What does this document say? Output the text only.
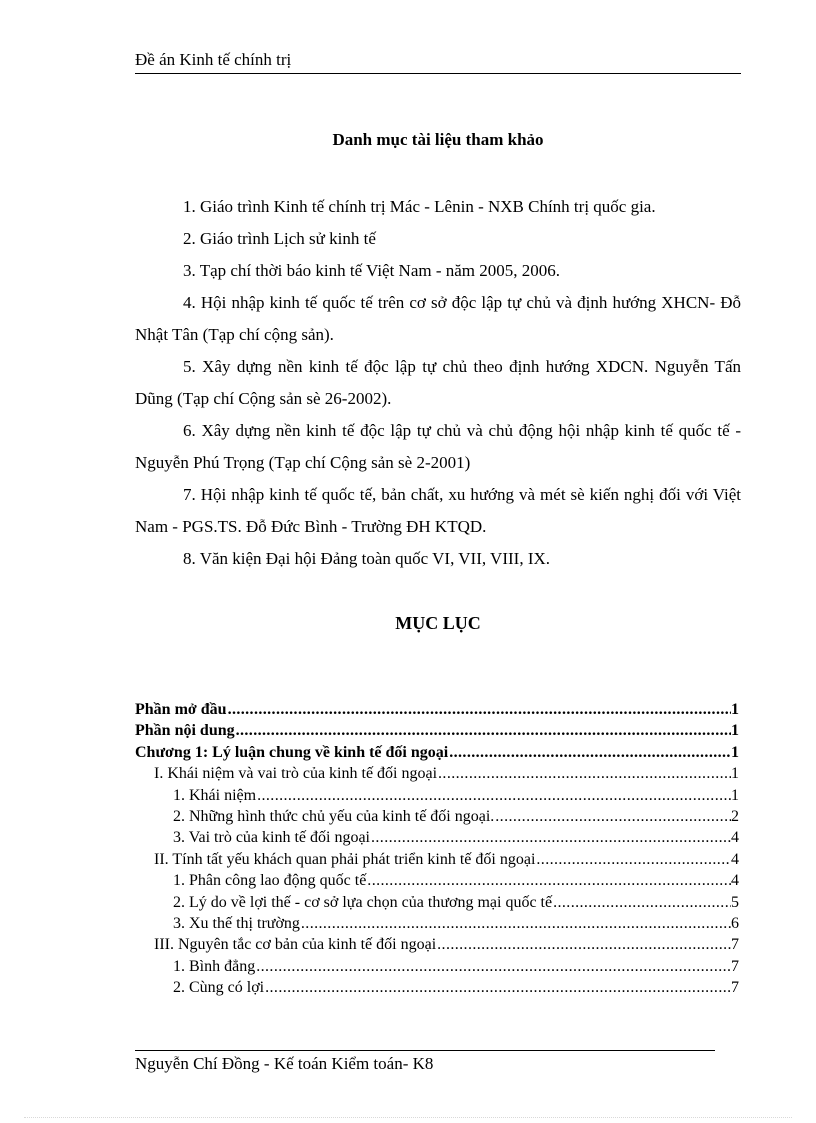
Đề án Kinh tế chính trị
Danh mục tài liệu tham khảo

1. Giáo trình Kinh tế chính trị Mác - Lênin - NXB Chính trị quốc gia.

2. Giáo trình Lịch sử kinh tế

3. Tạp chí thời báo kinh tế Việt Nam - năm 2005, 2006.

4. Hội nhập kinh tế quốc tế trên cơ sở độc lập tự chủ và định hướng XHCN- Đỗ Nhật Tân (Tạp chí cộng sản).

5. Xây dựng nền kinh tế độc lập tự chủ theo định hướng XDCN. Nguyễn Tấn Dũng (Tạp chí Cộng sản sè 26-2002).

6. Xây dựng nền kinh tế độc lập tự chủ và chủ động hội nhập kinh tế quốc tế - Nguyễn Phú Trọng (Tạp chí Cộng sản sè 2-2001)

7. Hội nhập kinh tế quốc tế, bản chất, xu hướng và mét sè kiến nghị đối với Việt Nam - PGS.TS. Đỗ Đức Bình - Trường ĐH KTQD.

8. Văn kiện Đại hội Đảng toàn quốc VI, VII, VIII, IX.

MỤC LỤC
Phần mở đầu .....	1
Phần nội dung .....	1
Chương 1: Lý luận chung về kinh tế đối ngoại .....	1
I. Khái niệm và vai trò của kinh tế đối ngoại .....	1
1. Khái niệm .....	1
2. Những hình thức chủ yếu của kinh tế đối ngoại. .....	2
3. Vai trò của kinh tế đối ngoại .....	4
II. Tính tất yếu khách quan phải phát triển kinh tế đối ngoại .....	4
1. Phân công lao động quốc tế .....	4
2. Lý do về lợi thế - cơ sở lựa chọn của thương mại quốc tế .....	5
3. Xu thế thị trường .....	6
III. Nguyên tắc cơ bản của kinh tế đối ngoại .....	7
1. Bình đẳng .....	7
2. Cùng có lợi .....	7
Nguyễn Chí Đồng - Kế toán Kiểm toán- K8
